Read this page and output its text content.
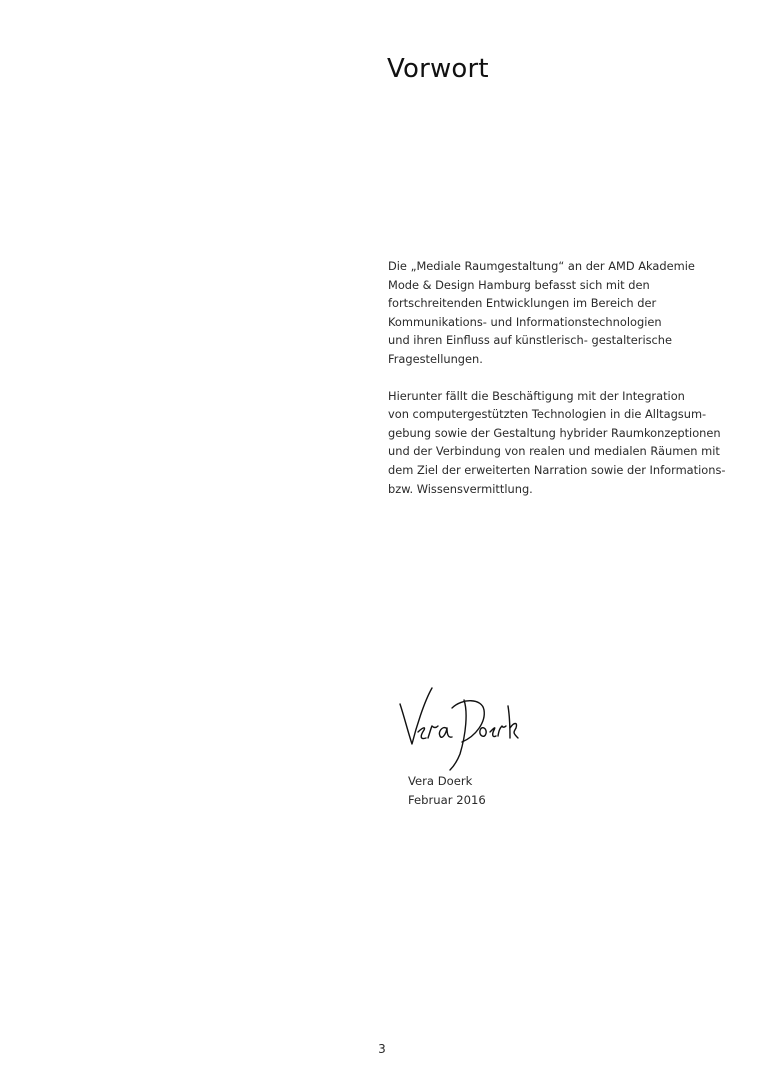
Vorwort

Die „Mediale Raumgestaltung“ an der AMD Akademie
Mode & Design Hamburg befasst sich mit den
fortschreitenden Entwicklungen im Bereich der
Kommunikations- und Informationstechnologien
und ihren Einfluss auf künstlerisch- gestalterische
Fragestellungen.

Hierunter fällt die Beschäftigung mit der Integration
von computergestützten Technologien in die Alltagsum-
gebung sowie der Gestaltung hybrider Raumkonzeptionen
und der Verbindung von realen und medialen Räumen mit
dem Ziel der erweiterten Narration sowie der Informations-
bzw. Wissensvermittlung.

Vera Doerk
Februar 2016
3
